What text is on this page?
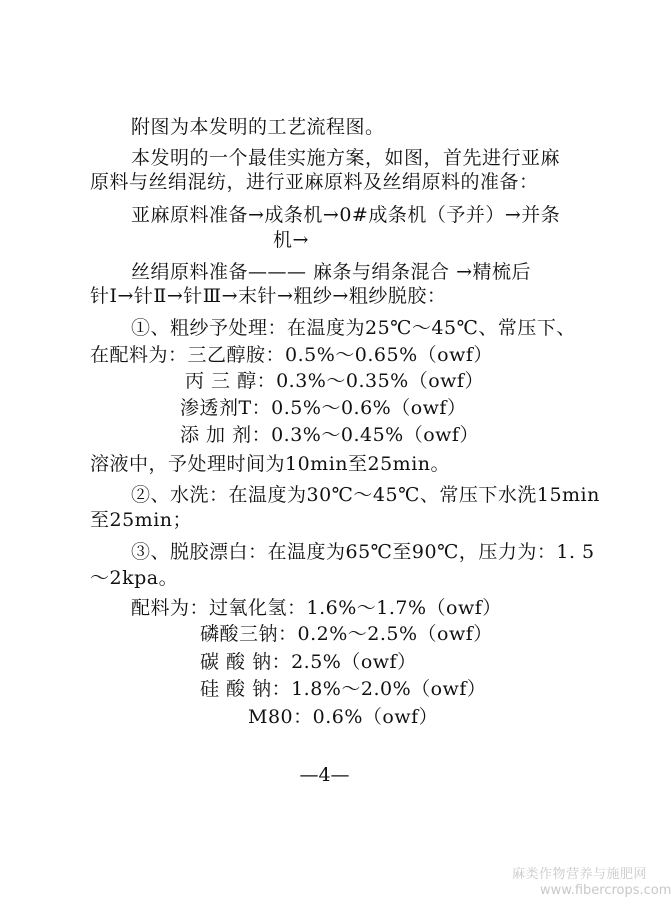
附图为本发明的工艺流程图。
本发明的一个最佳实施方案，如图，首先进行亚麻
原料与丝绢混纺，进行亚麻原料及丝绢原料的准备：
亚麻原料准备→成条机→0#成条机（予并）→并条
机→
丝绢原料准备——— 麻条与绢条混合 →精梳后
针Ⅰ→针Ⅱ→针Ⅲ→末针→粗纱→粗纱脱胶：
①、粗纱予处理：在温度为25℃～45℃、常压下、
在配料为：三乙醇胺：0.5%～0.65%（owf）
丙 三 醇：0.3%～0.35%（owf）
渗透剂T：0.5%～0.6%（owf）
添 加 剂：0.3%～0.45%（owf）
溶液中，予处理时间为10min至25min。
②、水洗：在温度为30℃～45℃、常压下水洗15min
至25min；
③、脱胶漂白：在温度为65℃至90℃，压力为：1. 5
～2kpa。
配料为：过氧化氢：1.6%～1.7%（owf）
磷酸三钠：0.2%～2.5%（owf）
碳 酸 钠：2.5%（owf）
硅 酸 钠：1.8%～2.0%（owf）
M80：0.6%（owf）
—4—
麻类作物营养与施肥网
www.fibercrops.com
